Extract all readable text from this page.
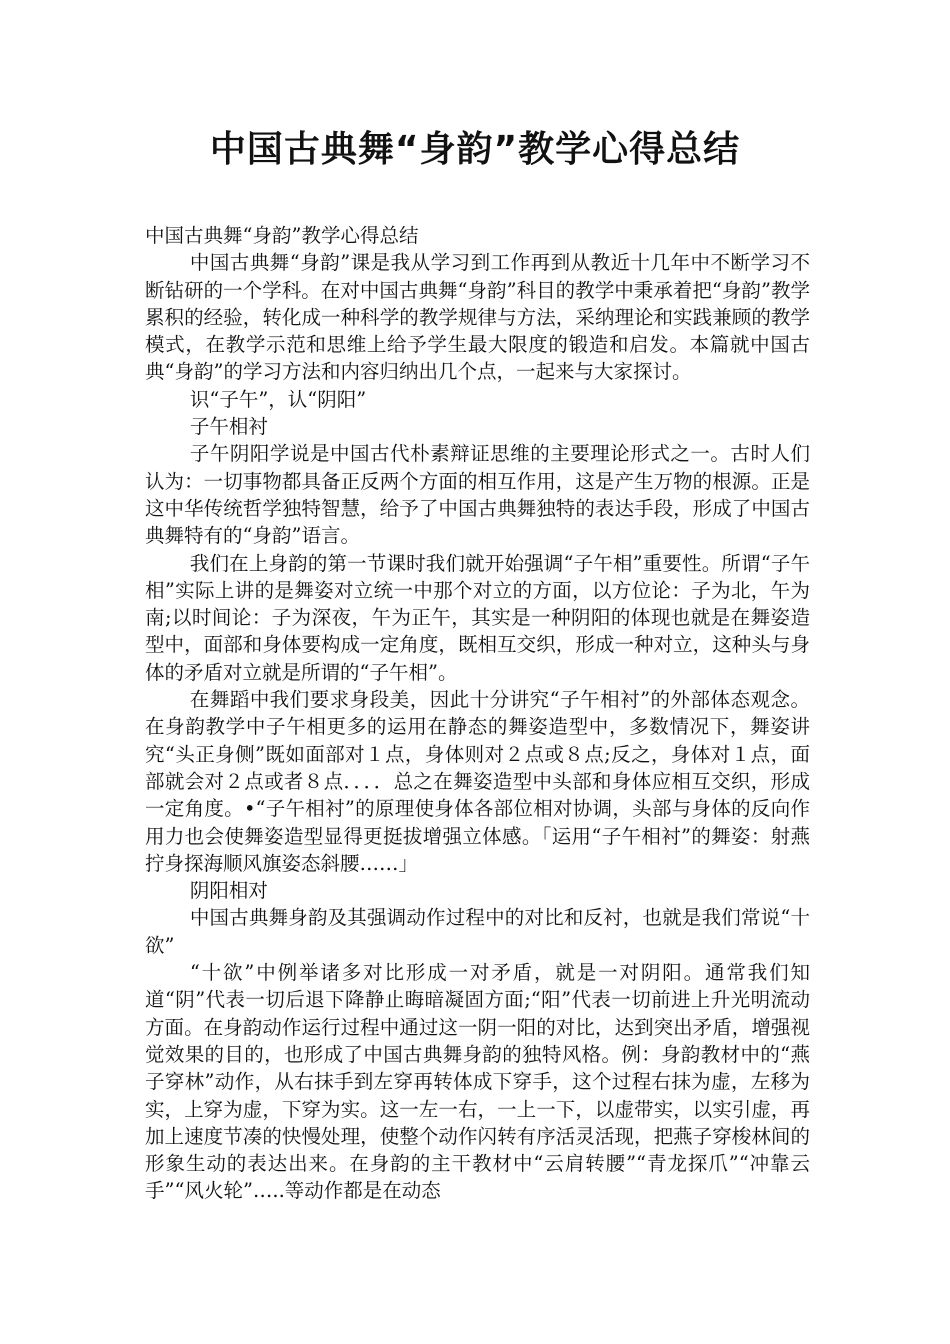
中国古典舞“身韵”教学心得总结

中国古典舞“身韵”教学心得总结

中国古典舞“身韵”课是我从学习到工作再到从教近十几年中不断学习不断钻研的一个学科。在对中国古典舞“身韵”科目的教学中秉承着把“身韵”教学累积的经验，转化成一种科学的教学规律与方法，采纳理论和实践兼顾的教学模式，在教学示范和思维上给予学生最大限度的锻造和启发。本篇就中国古典“身韵”的学习方法和内容归纳出几个点，一起来与大家探讨。

识“子午”，认“阴阳”

子午相衬

子午阴阳学说是中国古代朴素辩证思维的主要理论形式之一。古时人们认为：一切事物都具备正反两个方面的相互作用，这是产生万物的根源。正是这中华传统哲学独特智慧，给予了中国古典舞独特的表达手段，形成了中国古典舞特有的“身韵”语言。

我们在上身韵的第一节课时我们就开始强调“子午相”重要性。所谓“子午相”实际上讲的是舞姿对立统一中那个对立的方面，以方位论：子为北，午为南;以时间论：子为深夜，午为正午，其实是一种阴阳的体现也就是在舞姿造型中，面部和身体要构成一定角度，既相互交织，形成一种对立，这种头与身体的矛盾对立就是所谓的“子午相”。

在舞蹈中我们要求身段美，因此十分讲究“子午相衬”的外部体态观念。在身韵教学中子午相更多的运用在静态的舞姿造型中，多数情况下，舞姿讲究“头正身侧”既如面部对１点，身体则对２点或８点;反之，身体对１点，面部就会对２点或者８点．．．．总之在舞姿造型中头部和身体应相互交织，形成一定角度。•“子午相衬”的原理使身体各部位相对协调，头部与身体的反向作用力也会使舞姿造型显得更挺拔增强立体感。「运用“子午相衬”的舞姿：射燕拧身探海顺风旗姿态斜腰……」

阴阳相对

中国古典舞身韵及其强调动作过程中的对比和反衬，也就是我们常说“十欲”

“十欲”中例举诸多对比形成一对矛盾，就是一对阴阳。通常我们知道“阴”代表一切后退下降静止晦暗凝固方面;“阳”代表一切前进上升光明流动方面。在身韵动作运行过程中通过这一阴一阳的对比，达到突出矛盾，增强视觉效果的目的，也形成了中国古典舞身韵的独特风格。例：身韵教材中的“燕子穿林”动作，从右抹手到左穿再转体成下穿手，这个过程右抹为虚，左移为实，上穿为虚，下穿为实。这一左一右，一上一下，以虚带实，以实引虚，再加上速度节凑的快慢处理，使整个动作闪转有序活灵活现，把燕子穿梭林间的形象生动的表达出来。在身韵的主干教材中“云肩转腰”“青龙探爪”“冲靠云手”“风火轮”…..等动作都是在动态
